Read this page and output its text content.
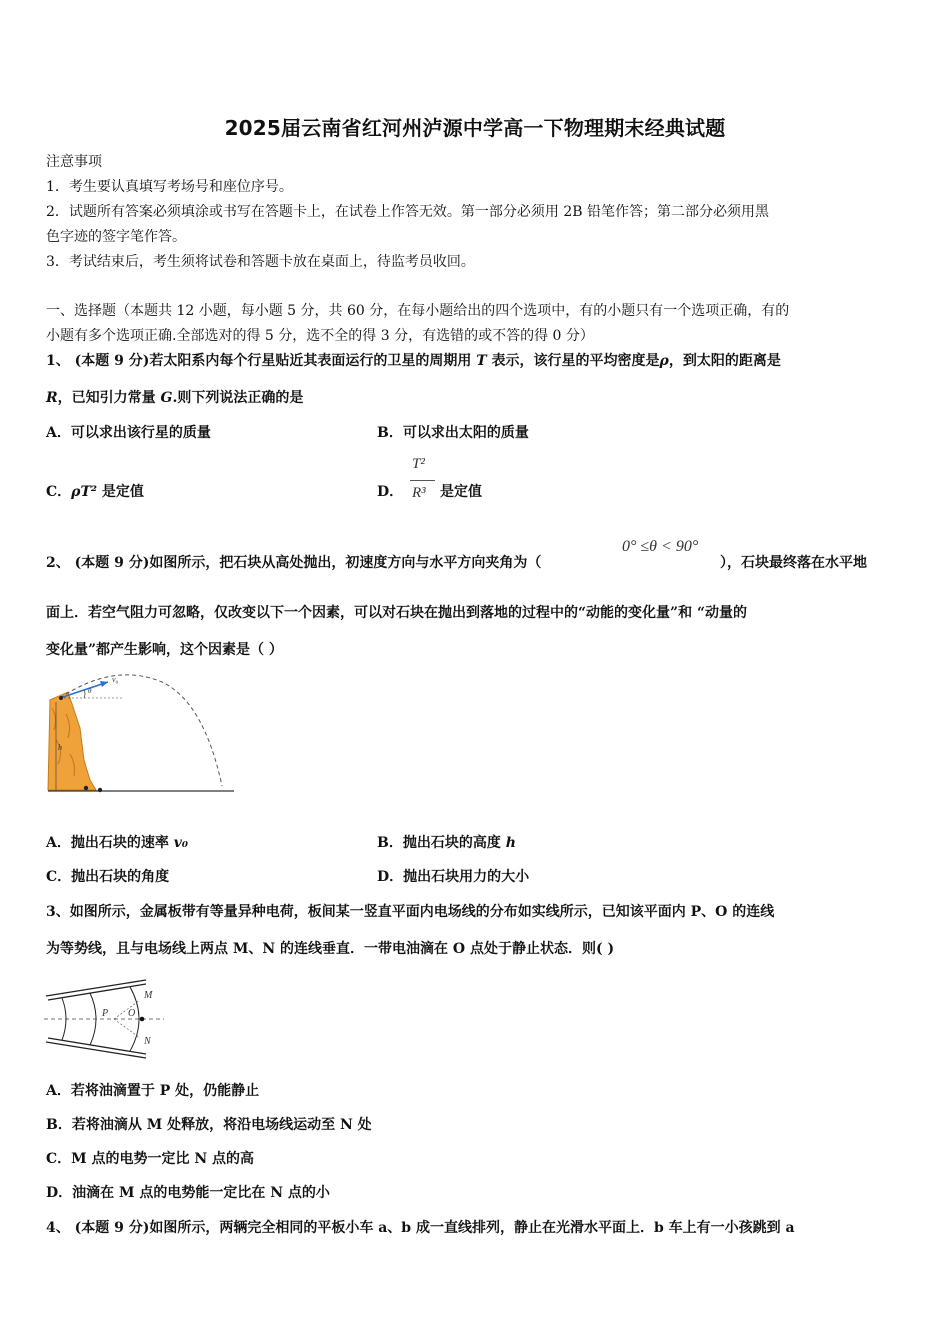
2025届云南省红河州泸源中学高一下物理期末经典试题
注意事项
1．考生要认真填写考场号和座位序号。
2．试题所有答案必须填涂或书写在答题卡上，在试卷上作答无效。第一部分必须用 2B 铅笔作答；第二部分必须用黑
色字迹的签字笔作答。
3．考试结束后，考生须将试卷和答题卡放在桌面上，待监考员收回。
一、选择题（本题共 12 小题，每小题 5 分，共 60 分，在每小题给出的四个选项中，有的小题只有一个选项正确，有的
小题有多个选项正确.全部选对的得 5 分，选不全的得 3 分，有选错的或不答的得 0 分）
1、 (本题 9 分)若太阳系内每个行星贴近其表面运行的卫星的周期用 T 表示，该行星的平均密度是ρ，到太阳的距离是
R，已知引力常量 G.则下列说法正确的是
A．可以求出该行星的质量	B．可以求出太阳的质量
C．ρT² 是定值	D．
T²
R³ 是定值
2、 (本题 9 分)如图所示，把石块从高处抛出，初速度方向与水平方向夹角为（
0° ≤θ < 90°
），石块最终落在水平地
面上．若空气阻力可忽略，仅改变以下一个因素，可以对石块在抛出到落地的过程中的“动能的变化量”和 “动量的
变化量”都产生影响，这个因素是（ ）
v₀
θ
h
A．抛出石块的速率 v₀	B．抛出石块的高度 h
C．抛出石块的角度	D．抛出石块用力的大小
3、如图所示，金属板带有等量异种电荷，板间某一竖直平面内电场线的分布如实线所示，已知该平面内 P、O 的连线
为等势线，且与电场线上两点 M、N 的连线垂直．一带电油滴在 O 点处于静止状态．则( )
M
N
P O
A．若将油滴置于 P 处，仍能静止
B．若将油滴从 M 处释放，将沿电场线运动至 N 处
C．M 点的电势一定比 N 点的高
D．油滴在 M 点的电势能一定比在 N 点的小
4、 (本题 9 分)如图所示，两辆完全相同的平板小车 a、b 成一直线排列，静止在光滑水平面上．b 车上有一小孩跳到 a
